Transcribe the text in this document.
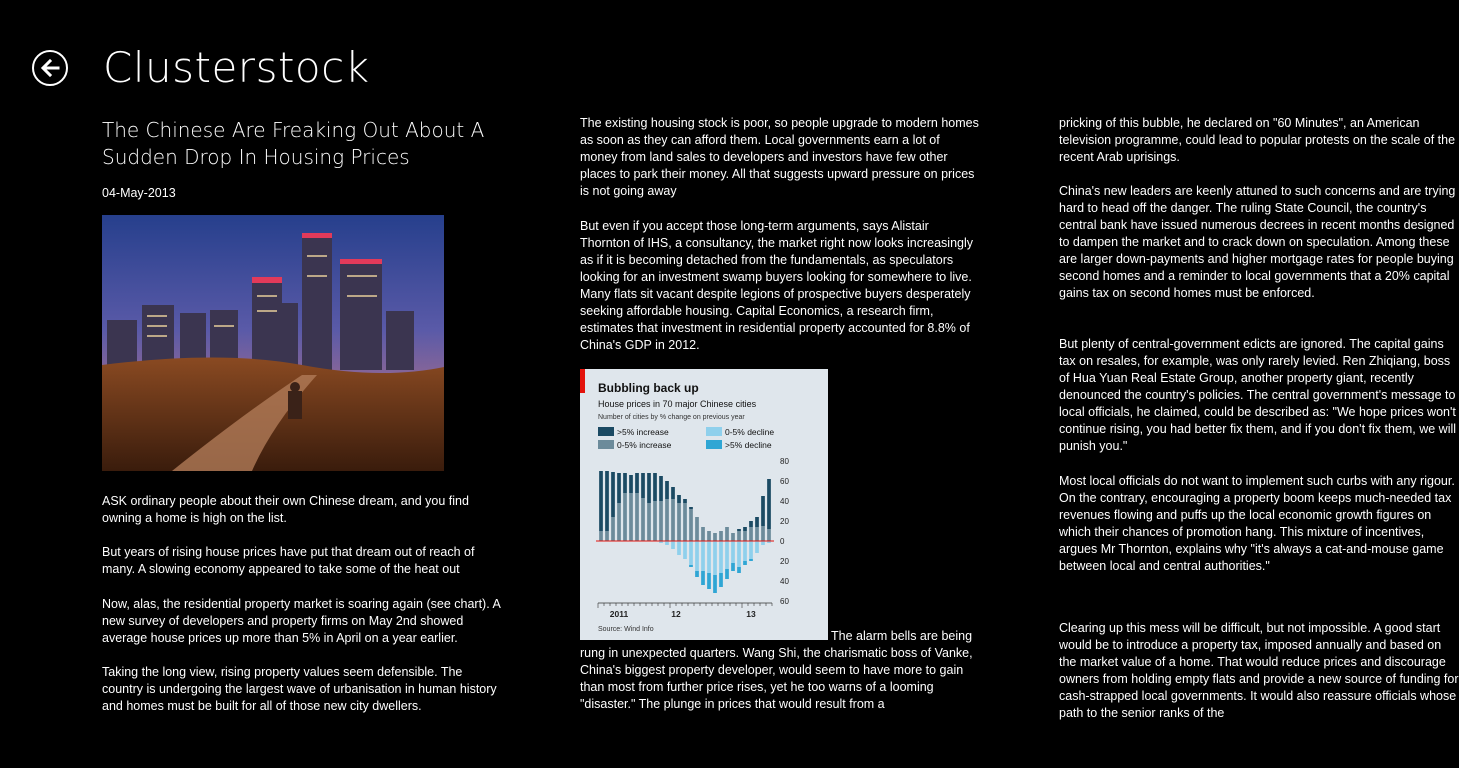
Clusterstock
The Chinese Are Freaking Out About A Sudden Drop In Housing Prices
04-May-2013

ASK ordinary people about their own Chinese dream, and you find owning a home is high on the list.

But years of rising house prices have put that dream out of reach of many. A slowing economy appeared to take some of the heat out

Now, alas, the residential property market is soaring again (see chart). A new survey of developers and property firms on May 2nd showed average house prices up more than 5% in April on a year earlier.

Taking the long view, rising property values seem defensible. The country is undergoing the largest wave of urbanisation in human history and homes must be built for all of those new city dwellers.

The existing housing stock is poor, so people upgrade to modern homes as soon as they can afford them. Local governments earn a lot of money from land sales to developers and investors have few other places to park their money. All that suggests upward pressure on prices is not going away

But even if you accept those long-term arguments, says Alistair Thornton of IHS, a consultancy, the market right now looks increasingly as if it is becoming detached from the fundamentals, as speculators looking for an investment swamp buyers looking for somewhere to live. Many flats sit vacant despite legions of prospective buyers desperately seeking affordable housing. Capital Economics, a research firm, estimates that investment in residential property accounted for 8.8% of China's GDP in 2012.

Bubbling back up
House prices in 70 major Chinese cities
Number of cities by % change on previous year
>5% increase
0-5% increase
0-5% decline
>5% decline
80
60
40
20
0
20
40
60
2011	12	13
Source: Wind Info	The alarm bells are being

rung in unexpected quarters. Wang Shi, the charismatic boss of Vanke, China's biggest property developer, would seem to have more to gain than most from further price rises, yet he too warns of a looming "disaster." The plunge in prices that would result from a

pricking of this bubble, he declared on "60 Minutes", an American television programme, could lead to popular protests on the scale of the recent Arab uprisings.

China's new leaders are keenly attuned to such concerns and are trying hard to head off the danger. The ruling State Council, the country's central bank have issued numerous decrees in recent months designed to dampen the market and to crack down on speculation. Among these are larger down-payments and higher mortgage rates for people buying second homes and a reminder to local governments that a 20% capital gains tax on second homes must be enforced.

But plenty of central-government edicts are ignored. The capital gains tax on resales, for example, was only rarely levied. Ren Zhiqiang, boss of Hua Yuan Real Estate Group, another property giant, recently denounced the country's policies. The central government's message to local officials, he claimed, could be described as: "We hope prices won't continue rising, you had better fix them, and if you don't fix them, we will punish you."

Most local officials do not want to implement such curbs with any rigour. On the contrary, encouraging a property boom keeps much-needed tax revenues flowing and puffs up the local economic growth figures on which their chances of promotion hang. This mixture of incentives, argues Mr Thornton, explains why "it's always a cat-and-mouse game between local and central authorities."

Clearing up this mess will be difficult, but not impossible. A good start would be to introduce a property tax, imposed annually and based on the market value of a home. That would reduce prices and discourage owners from holding empty flats and provide a new source of funding for cash-strapped local governments. It would also reassure officials whose path to the senior ranks of the
